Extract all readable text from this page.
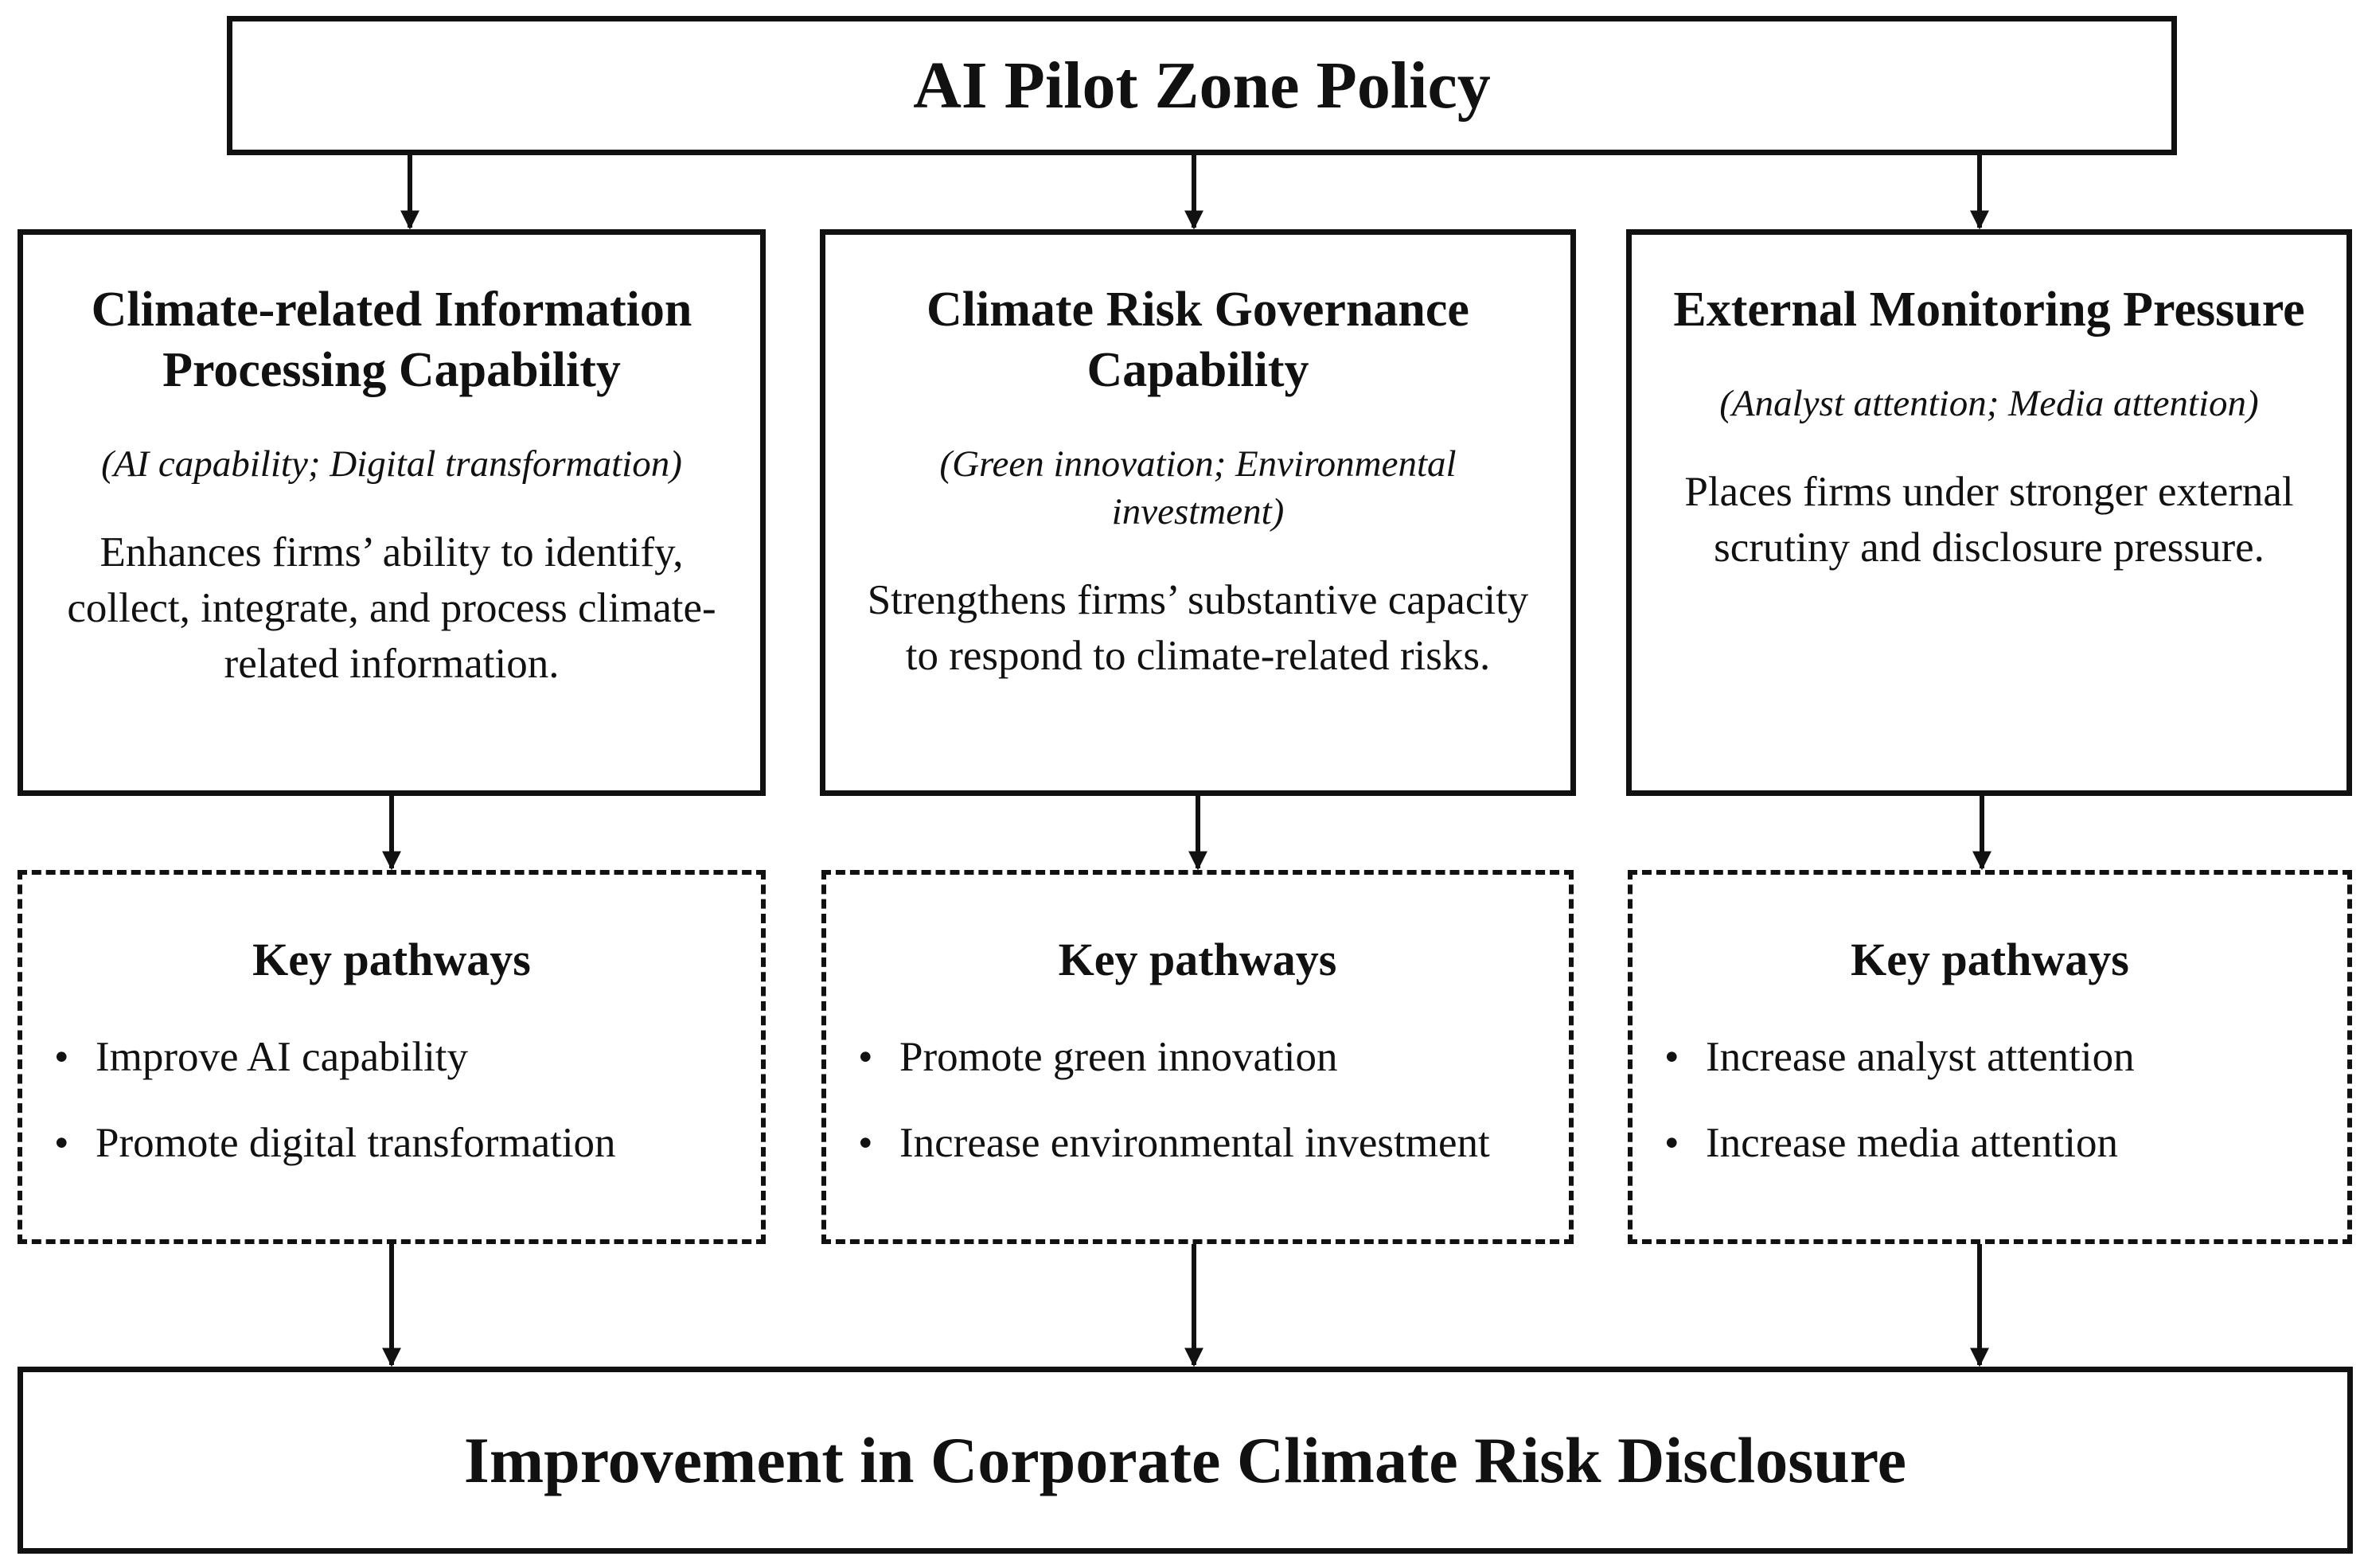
AI Pilot Zone Policy

Climate-related Information Processing Capability

(AI capability; Digital transformation)
Enhances firms’ ability to identify, collect, integrate, and process climate-related information.

Climate Risk Governance Capability

(Green innovation; Environmental investment)
Strengthens firms’ substantive capacity to respond to climate-related risks.

External Monitoring Pressure

(Analyst attention; Media attention)
Places firms under stronger external scrutiny and disclosure pressure.

Key pathways

• Improve AI capability
• Promote digital transformation

Key pathways

• Promote green innovation
• Increase environmental investment

Key pathways

• Increase analyst attention
• Increase media attention
Improvement in Corporate Climate Risk Disclosure
